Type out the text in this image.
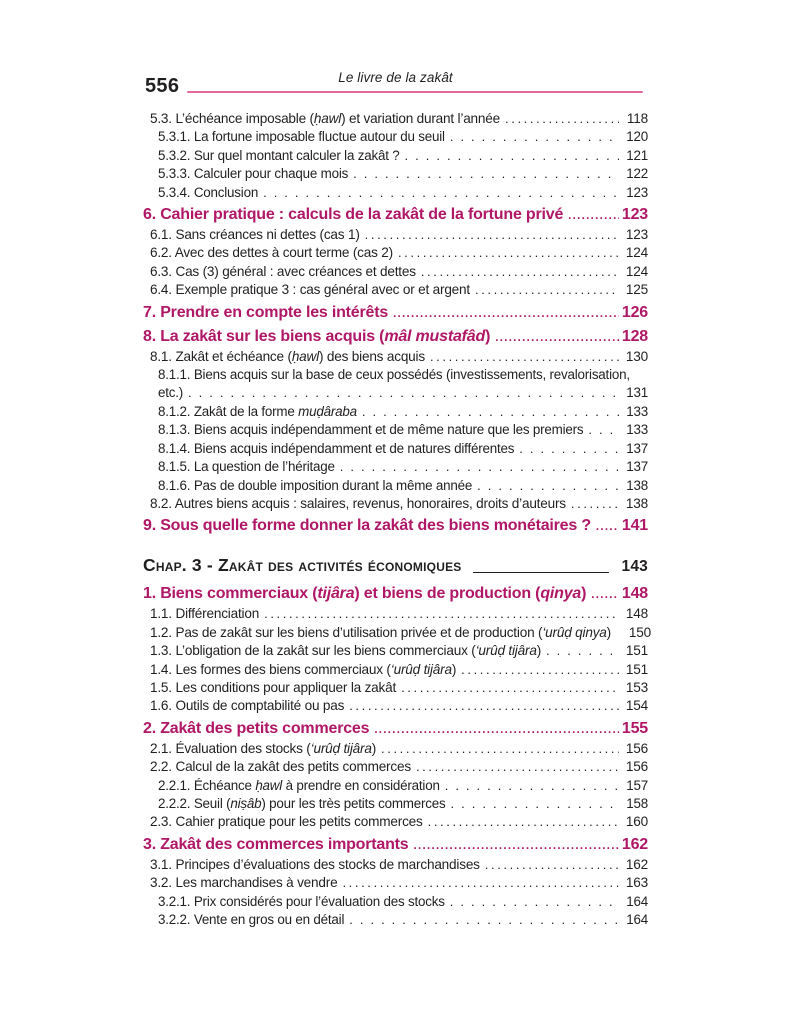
556	Le livre de la zakât
5.3. L’échéance imposable (ḥawl) et variation durant l’année .....	118
5.3.1. La fortune imposable fluctue autour du seuil .....	120
5.3.2. Sur quel montant calculer la zakât ? .....	121
5.3.3. Calculer pour chaque mois .....	122
5.3.4. Conclusion .....	123
6. Cahier pratique : calculs de la zakât de la fortune privé .....	123
6.1. Sans créances ni dettes (cas 1) .....	123
6.2. Avec des dettes à court terme (cas 2) .....	124
6.3. Cas (3) général : avec créances et dettes .....	124
6.4. Exemple pratique 3 : cas général avec or et argent .....	125
7. Prendre en compte les intérêts .....	126
8. La zakât sur les biens acquis (mâl mustafâd) .....	128
8.1. Zakât et échéance (ḥawl) des biens acquis .....	130
8.1.1. Biens acquis sur la base de ceux possédés (investissements, revalorisation,
etc.) .....	131
8.1.2. Zakât de la forme muḍâraba .....	133
8.1.3. Biens acquis indépendamment et de même nature que les premiers .....	133
8.1.4. Biens acquis indépendamment et de natures différentes .....	137
8.1.5. La question de l’héritage .....	137
8.1.6. Pas de double imposition durant la même année .....	138
8.2. Autres biens acquis : salaires, revenus, honoraires, droits d’auteurs .....	138
9. Sous quelle forme donner la zakât des biens monétaires ? ..... 141
Chap. 3 - Zakât des activités économiques	143
1. Biens commerciaux (tijâra) et biens de production (qinya) ..... 148
1.1. Différenciation .....	148
1.2. Pas de zakât sur les biens d’utilisation privée et de production (‘urûḍ qinya) 150
1.3. L’obligation de la zakât sur les biens commerciaux (‘urûḍ tijâra) .....	151
1.4. Les formes des biens commerciaux (‘urûḍ tijâra) .....	151
1.5. Les conditions pour appliquer la zakât .....	153
1.6. Outils de comptabilité ou pas .....	154
2. Zakât des petits commerces .....	155
2.1. Évaluation des stocks (‘urûḍ tijâra) .....	156
2.2. Calcul de la zakât des petits commerces .....	156
2.2.1. Échéance ḥawl à prendre en considération .....	157
2.2.2. Seuil (niṣâb) pour les très petits commerces .....	158
2.3. Cahier pratique pour les petits commerces .....	160
3. Zakât des commerces importants .....	162
3.1. Principes d’évaluations des stocks de marchandises .....	162
3.2. Les marchandises à vendre .....	163
3.2.1. Prix considérés pour l’évaluation des stocks .....	164
3.2.2. Vente en gros ou en détail .....	164
